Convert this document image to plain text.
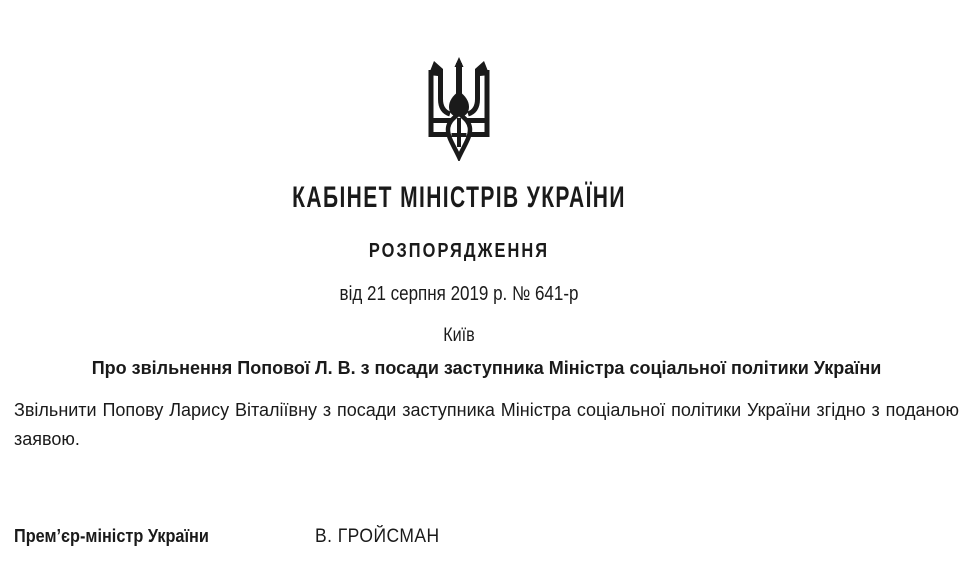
КАБІНЕТ МІНІСТРІВ УКРАЇНИ
РОЗПОРЯДЖЕННЯ
від 21 серпня 2019 р. № 641-р
Київ
Про звільнення Попової Л. В. з посади заступника Міністра соціальної політики України

Звільнити Попову Ларису Віталіївну з посади заступника Міністра соціальної політики України згідно з поданою заявою.

Прем’єр-міністр України	В. ГРОЙСМАН
